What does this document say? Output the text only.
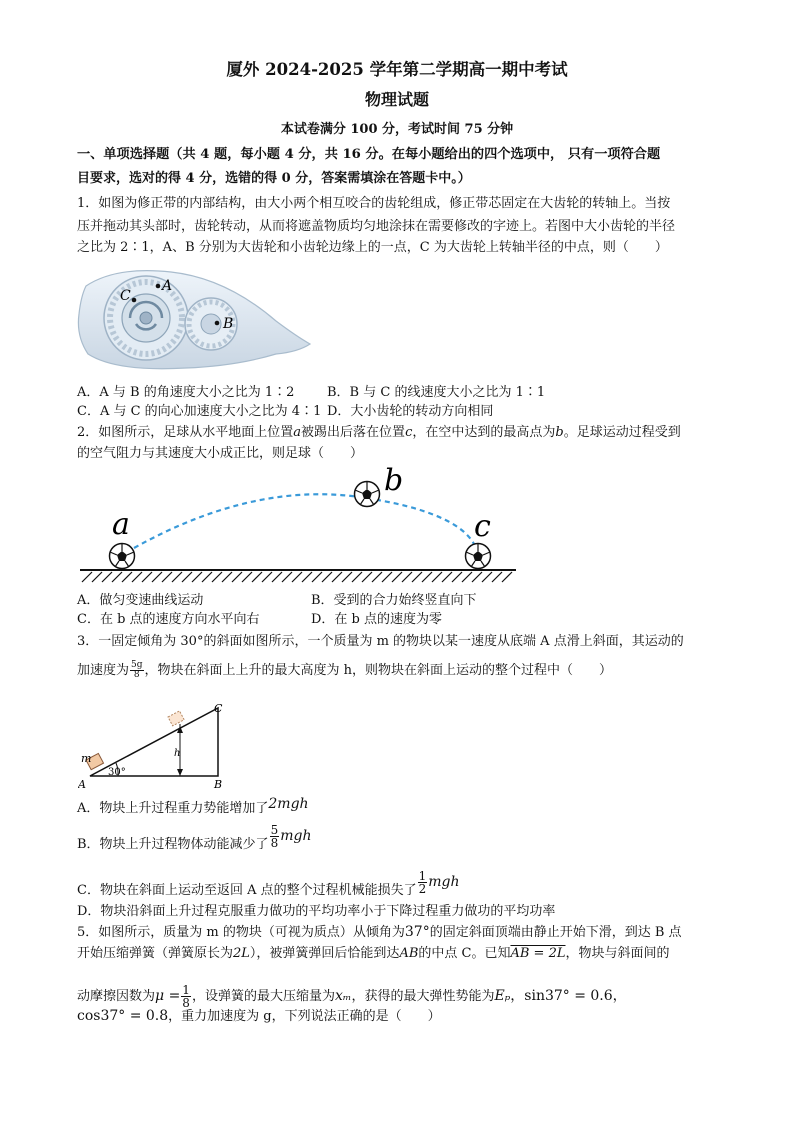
厦外 2024-2025 学年第二学期高一期中考试
物理试题
本试卷满分 100 分，考试时间 75 分钟
一、单项选择题（共 4 题，每小题 4 分，共 16 分。在每小题给出的四个选项中， 只有一项符合题
目要求，选对的得 4 分，选错的得 0 分，答案需填涂在答题卡中。）
1．如图为修正带的内部结构，由大小两个相互咬合的齿轮组成，修正带芯固定在大齿轮的转轴上。当按
压并拖动其头部时，齿轮转动，从而将遮盖物质均匀地涂抹在需要修改的字迹上。若图中大小齿轮的半径
之比为 2∶1，A、B 分别为大齿轮和小齿轮边缘上的一点，C 为大齿轮上转轴半径的中点，则（　　）
A
C
B
A．A 与 B 的角速度大小之比为 1∶2	B．B 与 C 的线速度大小之比为 1∶1
C．A 与 C 的向心加速度大小之比为 4∶1 D．大小齿轮的转动方向相同
2．如图所示，足球从水平地面上位置a被踢出后落在位置c，在空中达到的最高点为b。足球运动过程受到
的空气阻力与其速度大小成正比，则足球（　　）
a
b
c
A．做匀变速曲线运动	B．受到的合力始终竖直向下
C．在 b 点的速度方向水平向右	D．在 b 点的速度为零
3．一固定倾角为 30°的斜面如图所示，一个质量为 m 的物块以某一速度从底端 A 点滑上斜面，其运动的
加速度为 $\frac{5g}{8}$ ，物块在斜面上上升的最大高度为 h，则物块在斜面上运动的整个过程中（　　）
m
A	B
C
h
30°
A．物块上升过程重力势能增加了2mgh
B．物块上升过程物体动能减少了 $\frac{5}{8}$ mgh
C．物块在斜面上运动至返回 A 点的整个过程机械能损失了 $\frac{1}{2}$ mgh
D．物块沿斜面上升过程克服重力做功的平均功率小于下降过程重力做功的平均功率
5．如图所示，质量为 m 的物块（可视为质点）从倾角为37°的固定斜面顶端由静止开始下滑，到达 B 点
开始压缩弹簧（弹簧原长为2L），被弹簧弹回后恰能到达AB的中点 C。已知AB = 2L，物块与斜面间的
动摩擦因数为$\mu = \frac{1}{8}$ ，设弹簧的最大压缩量为xₘ，获得的最大弹性势能为Eₚ，sin37° = 0.6，
cos37° = 0.8，重力加速度为 g，下列说法正确的是（　　）
